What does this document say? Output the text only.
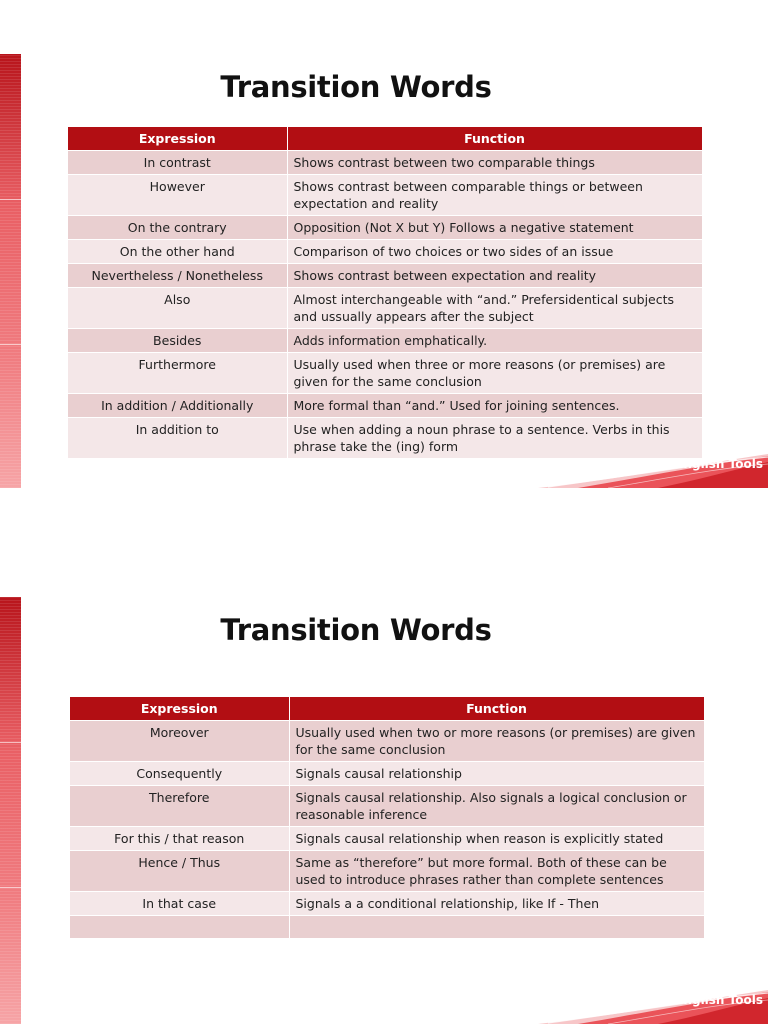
Transition Words
Expression	Function
In contrast	Shows contrast between two comparable things
However	Shows contrast between comparable things or between expectation and reality
On the contrary	Opposition (Not X but Y) Follows a negative statement
On the other hand	Comparison of two choices or two sides of an issue
Nevertheless / Nonetheless	Shows contrast between expectation and reality
Also	Almost interchangeable with “and.” Prefersidentical subjects and ussually appears after the subject
Besides	Adds information emphatically.
Furthermore	Usually used when three or more reasons (or premises) are given for the same conclusion
In addition / Additionally	More formal than “and.” Used for joining sentences.
In addition to	Use when adding a noun phrase to a sentence. Verbs in this phrase take the (ing) form
English Tools
Transition Words
Expression	Function
Moreover	Usually used when two or more reasons (or premises) are given for the same conclusion
Consequently	Signals causal relationship
Therefore	Signals causal relationship. Also signals a logical conclusion or reasonable inference
For this / that reason	Signals causal relationship when reason is explicitly stated
Hence / Thus	Same as “therefore” but more formal. Both of these can be used to introduce phrases rather than complete sentences
In that case	Signals a a conditional relationship, like If - Then

English Tools
